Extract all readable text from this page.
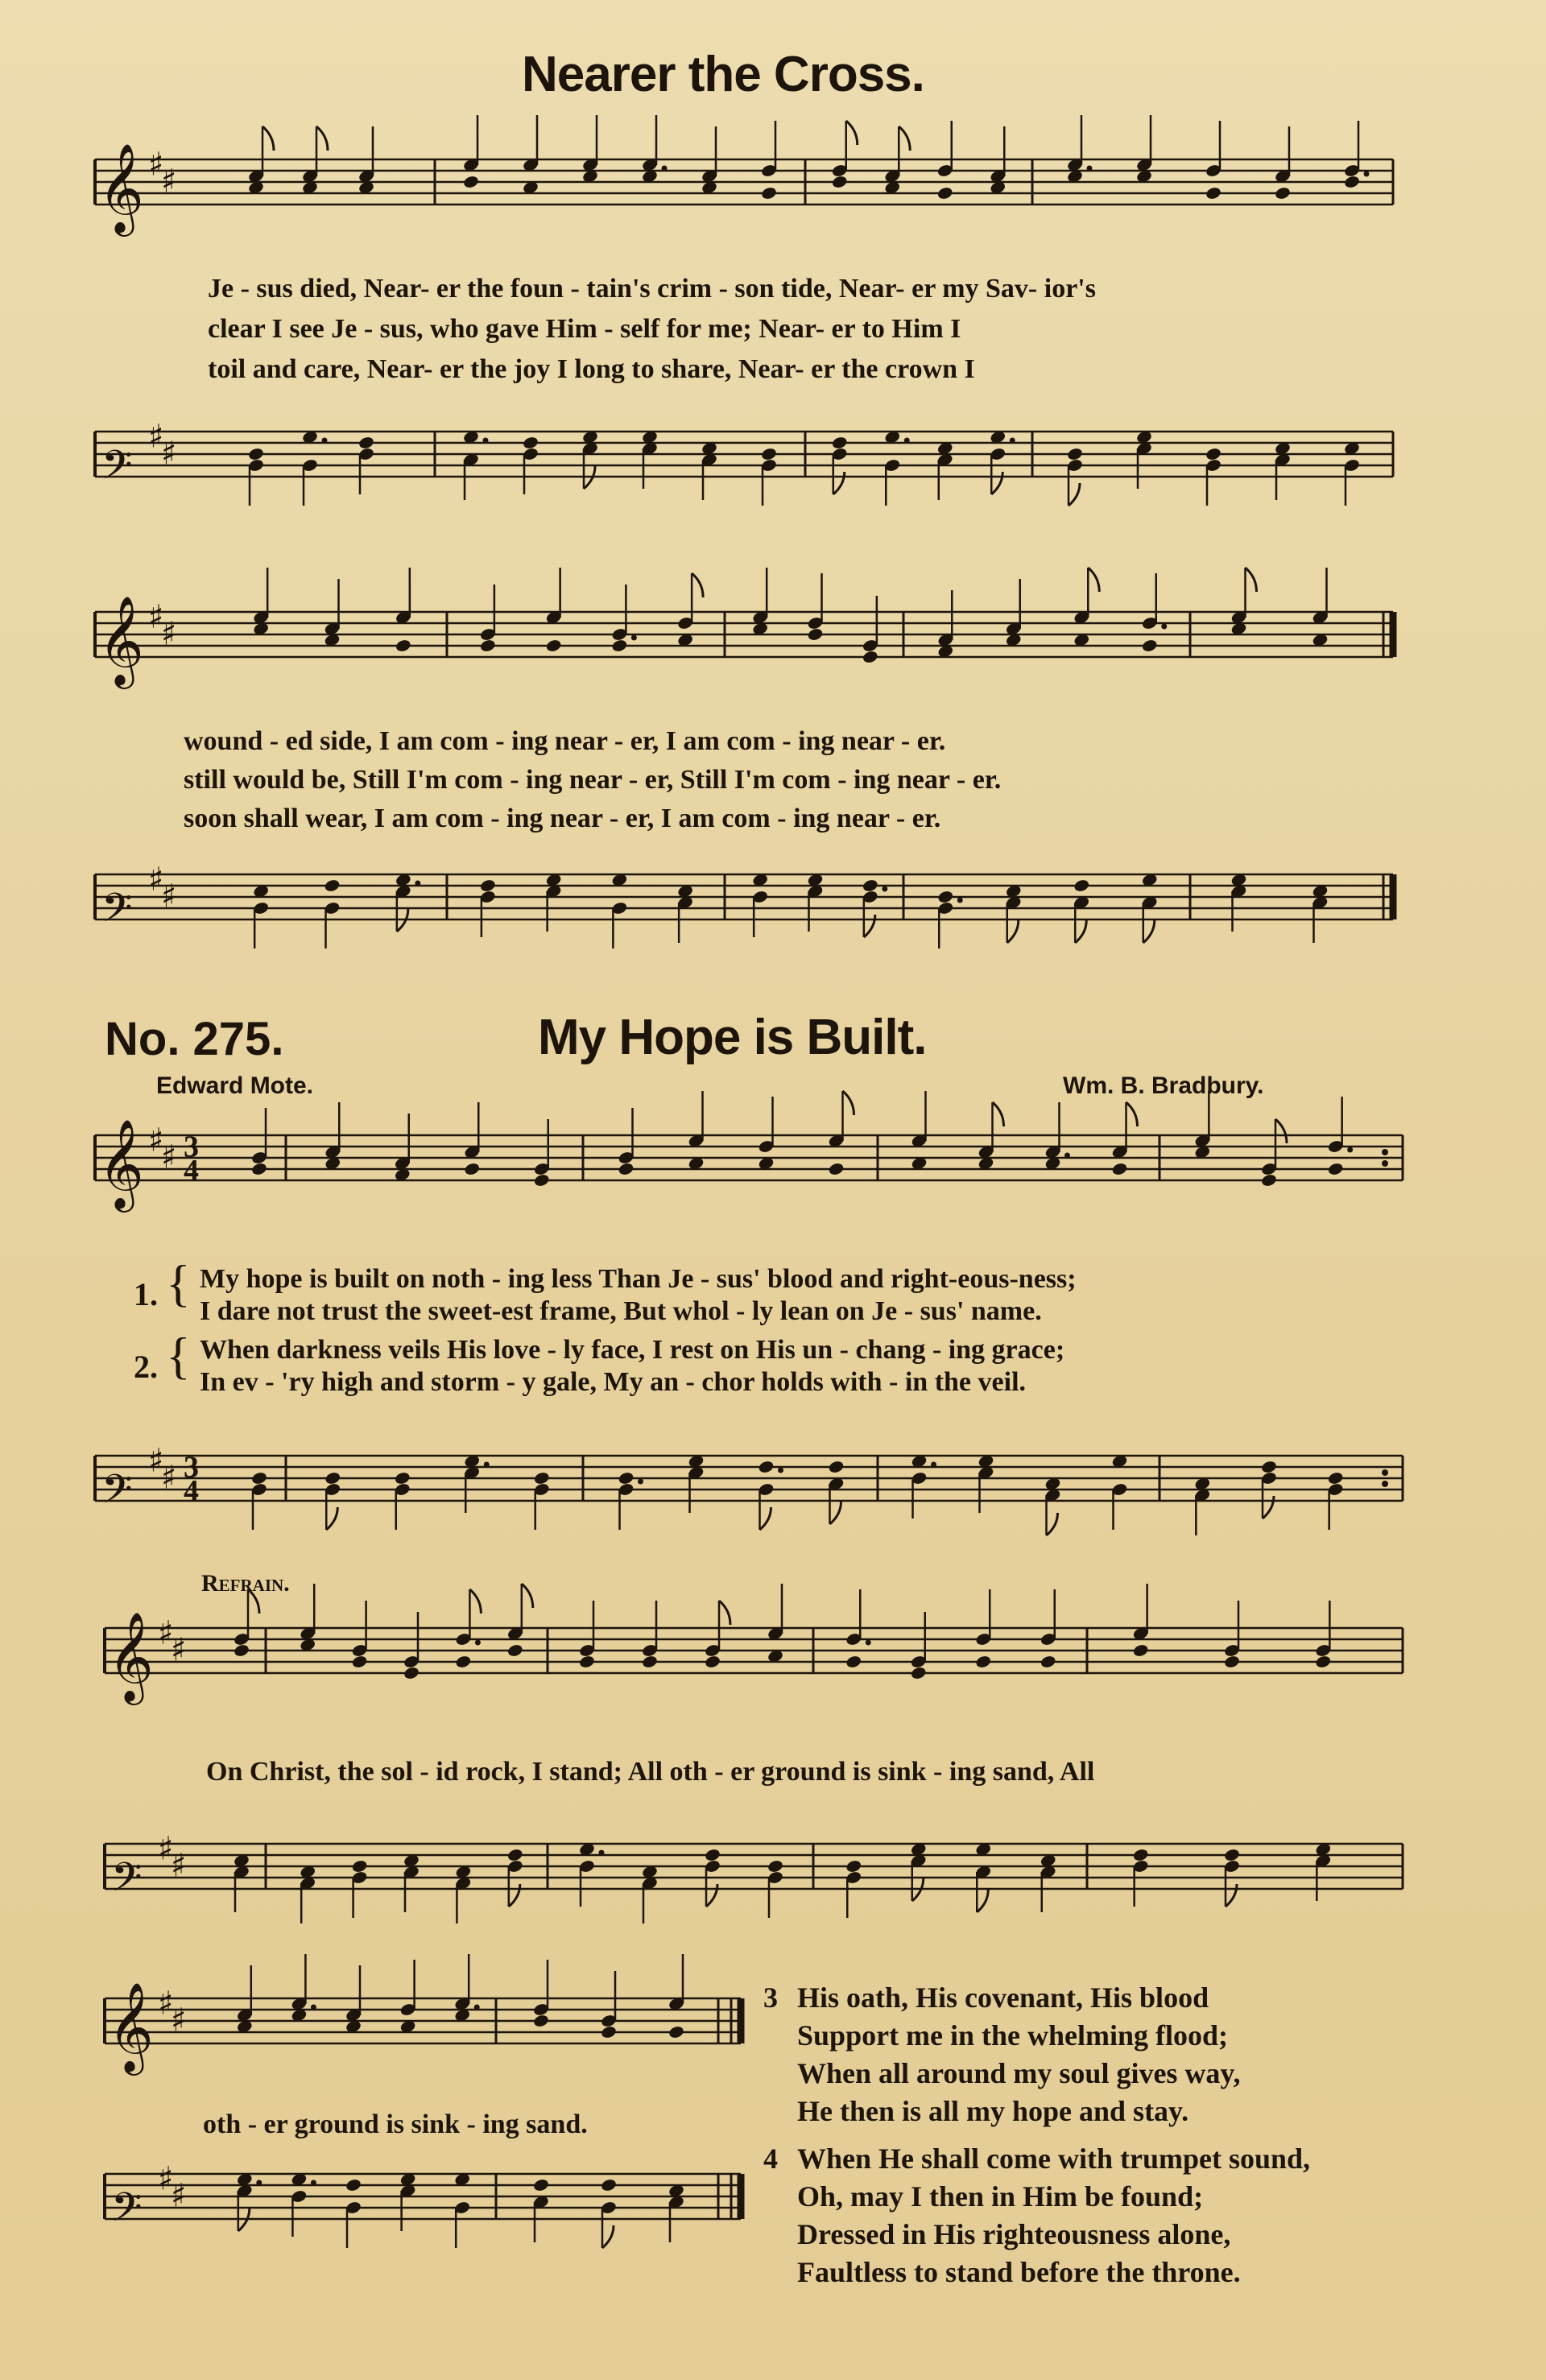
𝄞 ♯
♯
𝄢
♯
♯
𝄞 ♯
♯
𝄢
♯
♯
𝄞 ♯
♯ 3
4
𝄢
♯
♯ 3
4
𝄞 ♯
♯
𝄢
♯
♯
𝄞 ♯
♯
𝄢
♯
♯
Nearer the Cross.
Je - sus died, Near- er the foun - tain's crim - son tide, Near- er my Sav- ior's
clear I see Je - sus, who gave Him - self for me; Near- er to Him I
toil and care, Near- er the joy I long to share, Near- er the crown I
wound - ed side, I am com - ing near - er, I am com - ing near - er.
still would be, Still I'm com - ing near - er, Still I'm com - ing near - er.
soon shall wear, I am com - ing near - er, I am com - ing near - er.
No. 275.	My Hope is Built.
Edward Mote.	Wm. B. Bradbury.
1. { My hope is built on noth - ing less Than Je - sus' blood and right-eous-ness;
I dare not trust the sweet-est frame, But whol - ly lean on Je - sus' name.
2. { When darkness veils His love - ly face, I rest on His un - chang - ing grace;
In ev - 'ry high and storm - y gale, My an - chor holds with - in the veil.
Refrain.
On Christ, the sol - id rock, I stand; All oth - er ground is sink - ing sand, All
oth - er ground is sink - ing sand.
3 His oath, His covenant, His blood
Support me in the whelming flood;
When all around my soul gives way,
He then is all my hope and stay.
4 When He shall come with trumpet sound,
Oh, may I then in Him be found;
Dressed in His righteousness alone,
Faultless to stand before the throne.
